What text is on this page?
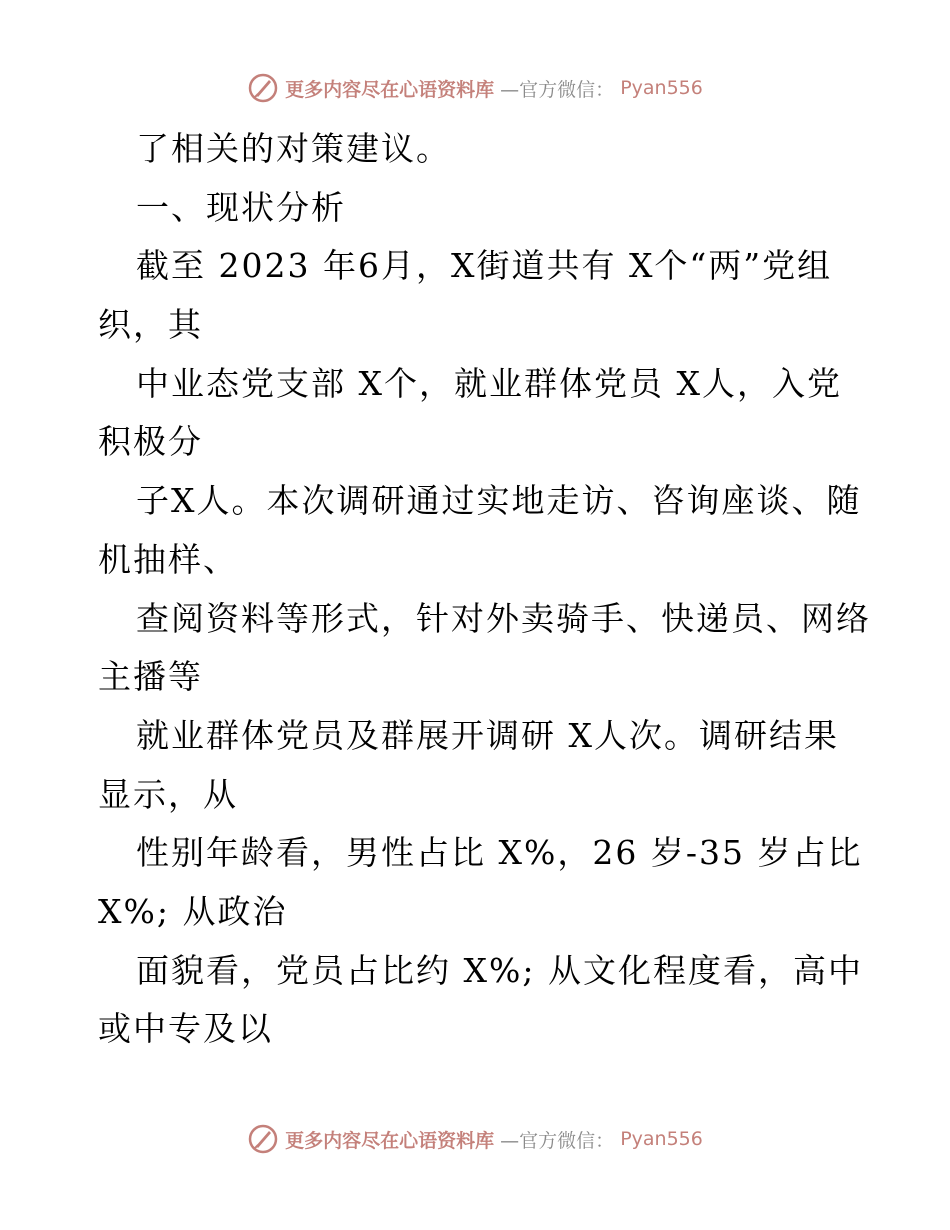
更多内容尽在心语资料库 —官方微信： Pyan556
了相关的对策建议。
一、现状分析
截至 2023 年6月，X街道共有 X个“两”党组
织，其
中业态党支部 X个，就业群体党员 X人，入党
积极分
子X人。本次调研通过实地走访、咨询座谈、随
机抽样、
查阅资料等形式，针对外卖骑手、快递员、网络
主播等
就业群体党员及群展开调研 X人次。调研结果
显示，从
性别年龄看，男性占比 X%，26 岁-35 岁占比
X%; 从政治
面貌看，党员占比约 X%; 从文化程度看，高中
或中专及以
更多内容尽在心语资料库 —官方微信： Pyan556
